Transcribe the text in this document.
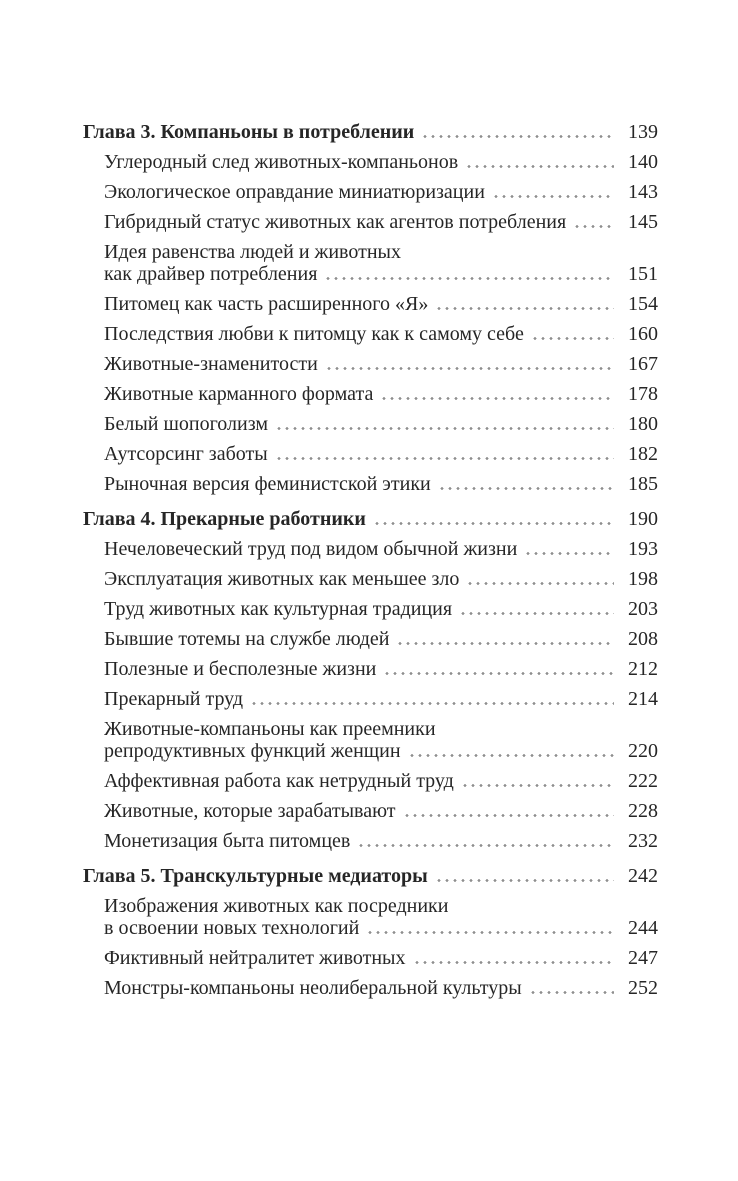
Глава 3. Компаньоны в потреблении	139
Углеродный след животных-компаньонов	140
Экологическое оправдание миниатюризации	143
Гибридный статус животных как агентов потребления	145
Идея равенства людей и животных
как драйвер потребления	151
Питомец как часть расширенного «Я»	154
Последствия любви к питомцу как к самому себе	160
Животные-знаменитости	167
Животные карманного формата	178
Белый шопоголизм	180
Аутсорсинг заботы	182
Рыночная версия феминистской этики	185
Глава 4. Прекарные работники	190
Нечеловеческий труд под видом обычной жизни	193
Эксплуатация животных как меньшее зло	198
Труд животных как культурная традиция	203
Бывшие тотемы на службе людей	208
Полезные и бесполезные жизни	212
Прекарный труд	214
Животные-компаньоны как преемники
репродуктивных функций женщин	220
Аффективная работа как нетрудный труд	222
Животные, которые зарабатывают	228
Монетизация быта питомцев	232
Глава 5. Транскультурные медиаторы	242
Изображения животных как посредники
в освоении новых технологий	244
Фиктивный нейтралитет животных	247
Монстры-компаньоны неолиберальной культуры	252
